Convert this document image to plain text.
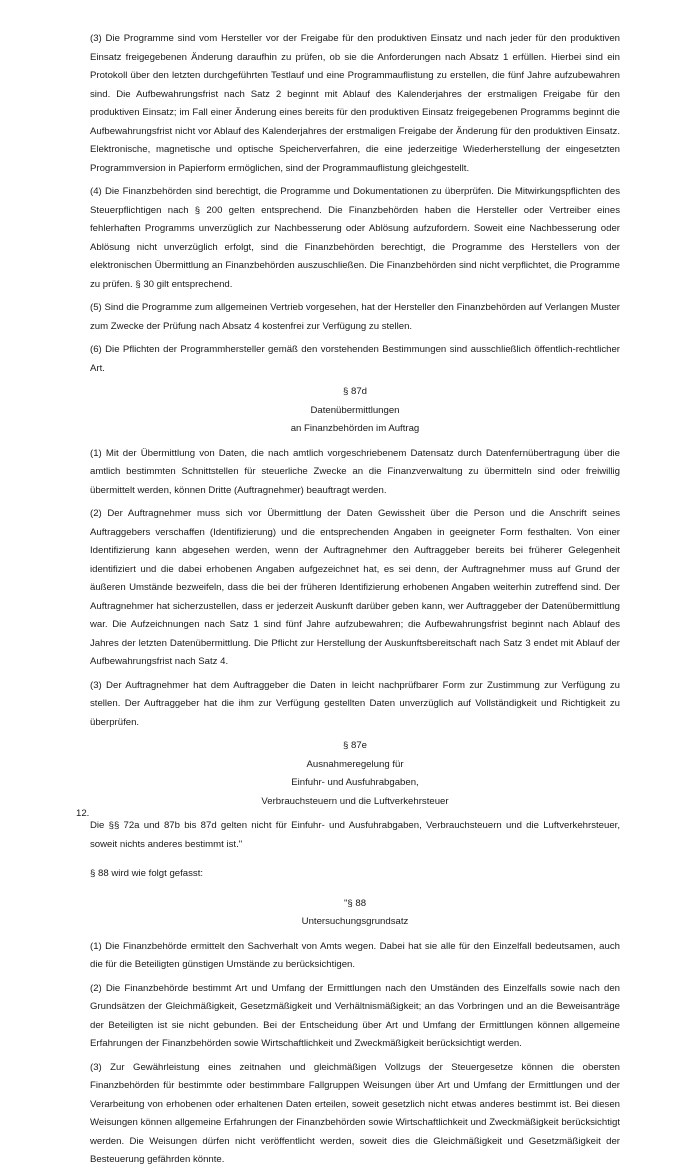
(3) Die Programme sind vom Hersteller vor der Freigabe für den produktiven Einsatz und nach jeder für den produktiven Einsatz freigegebenen Änderung daraufhin zu prüfen, ob sie die Anforderungen nach Absatz 1 erfüllen. Hierbei sind ein Protokoll über den letzten durchgeführten Testlauf und eine Programmauflistung zu erstellen, die fünf Jahre aufzubewahren sind. Die Aufbewahrungsfrist nach Satz 2 beginnt mit Ablauf des Kalenderjahres der erstmaligen Freigabe für den produktiven Einsatz; im Fall einer Änderung eines bereits für den produktiven Einsatz freigegebenen Programms beginnt die Aufbewahrungsfrist nicht vor Ablauf des Kalenderjahres der erstmaligen Freigabe der Änderung für den produktiven Einsatz. Elektronische, magnetische und optische Speicherverfahren, die eine jederzeitige Wiederherstellung der eingesetzten Programmversion in Papierform ermöglichen, sind der Programmauflistung gleichgestellt.

(4) Die Finanzbehörden sind berechtigt, die Programme und Dokumentationen zu überprüfen. Die Mitwirkungspflichten des Steuerpflichtigen nach § 200 gelten entsprechend. Die Finanzbehörden haben die Hersteller oder Vertreiber eines fehlerhaften Programms unverzüglich zur Nachbesserung oder Ablösung aufzufordern. Soweit eine Nachbesserung oder Ablösung nicht unverzüglich erfolgt, sind die Finanzbehörden berechtigt, die Programme des Herstellers von der elektronischen Übermittlung an Finanzbehörden auszuschließen. Die Finanzbehörden sind nicht verpflichtet, die Programme zu prüfen. § 30 gilt entsprechend.

(5) Sind die Programme zum allgemeinen Vertrieb vorgesehen, hat der Hersteller den Finanzbehörden auf Verlangen Muster zum Zwecke der Prüfung nach Absatz 4 kostenfrei zur Verfügung zu stellen.

(6) Die Pflichten der Programmhersteller gemäß den vorstehenden Bestimmungen sind ausschließlich öffentlich-rechtlicher Art.

§ 87d

Datenübermittlungen

an Finanzbehörden im Auftrag

(1) Mit der Übermittlung von Daten, die nach amtlich vorgeschriebenem Datensatz durch Datenfernübertragung über die amtlich bestimmten Schnittstellen für steuerliche Zwecke an die Finanzverwaltung zu übermitteln sind oder freiwillig übermittelt werden, können Dritte (Auftragnehmer) beauftragt werden.

(2) Der Auftragnehmer muss sich vor Übermittlung der Daten Gewissheit über die Person und die Anschrift seines Auftraggebers verschaffen (Identifizierung) und die entsprechenden Angaben in geeigneter Form festhalten. Von einer Identifizierung kann abgesehen werden, wenn der Auftragnehmer den Auftraggeber bereits bei früherer Gelegenheit identifiziert und die dabei erhobenen Angaben aufgezeichnet hat, es sei denn, der Auftragnehmer muss auf Grund der äußeren Umstände bezweifeln, dass die bei der früheren Identifizierung erhobenen Angaben weiterhin zutreffend sind. Der Auftragnehmer hat sicherzustellen, dass er jederzeit Auskunft darüber geben kann, wer Auftraggeber der Datenübermittlung war. Die Aufzeichnungen nach Satz 1 sind fünf Jahre aufzubewahren; die Aufbewahrungsfrist beginnt nach Ablauf des Jahres der letzten Datenübermittlung. Die Pflicht zur Herstellung der Auskunftsbereitschaft nach Satz 3 endet mit Ablauf der Aufbewahrungsfrist nach Satz 4.

(3) Der Auftragnehmer hat dem Auftraggeber die Daten in leicht nachprüfbarer Form zur Zustimmung zur Verfügung zu stellen. Der Auftraggeber hat die ihm zur Verfügung gestellten Daten unverzüglich auf Vollständigkeit und Richtigkeit zu überprüfen.

§ 87e

Ausnahmeregelung für

Einfuhr- und Ausfuhrabgaben,

Verbrauchsteuern und die Luftverkehrsteuer

Die §§ 72a und 87b bis 87d gelten nicht für Einfuhr- und Ausfuhrabgaben, Verbrauchsteuern und die Luftverkehrsteuer, soweit nichts anderes bestimmt ist."

§ 88 wird wie folgt gefasst:

"§ 88

Untersuchungsgrundsatz

(1) Die Finanzbehörde ermittelt den Sachverhalt von Amts wegen. Dabei hat sie alle für den Einzelfall bedeutsamen, auch die für die Beteiligten günstigen Umstände zu berücksichtigen.

(2) Die Finanzbehörde bestimmt Art und Umfang der Ermittlungen nach den Umständen des Einzelfalls sowie nach den Grundsätzen der Gleichmäßigkeit, Gesetzmäßigkeit und Verhältnismäßigkeit; an das Vorbringen und an die Beweisanträge der Beteiligten ist sie nicht gebunden. Bei der Entscheidung über Art und Umfang der Ermittlungen können allgemeine Erfahrungen der Finanzbehörden sowie Wirtschaftlichkeit und Zweckmäßigkeit berücksichtigt werden.

(3) Zur Gewährleistung eines zeitnahen und gleichmäßigen Vollzugs der Steuergesetze können die obersten Finanzbehörden für bestimmte oder bestimmbare Fallgruppen Weisungen über Art und Umfang der Ermittlungen und der Verarbeitung von erhobenen oder erhaltenen Daten erteilen, soweit gesetzlich nicht etwas anderes bestimmt ist. Bei diesen Weisungen können allgemeine Erfahrungen der Finanzbehörden sowie Wirtschaftlichkeit und Zweckmäßigkeit berücksichtigt werden. Die Weisungen dürfen nicht veröffentlicht werden, soweit dies die Gleichmäßigkeit und Gesetzmäßigkeit der Besteuerung gefährden könnte.

12.
